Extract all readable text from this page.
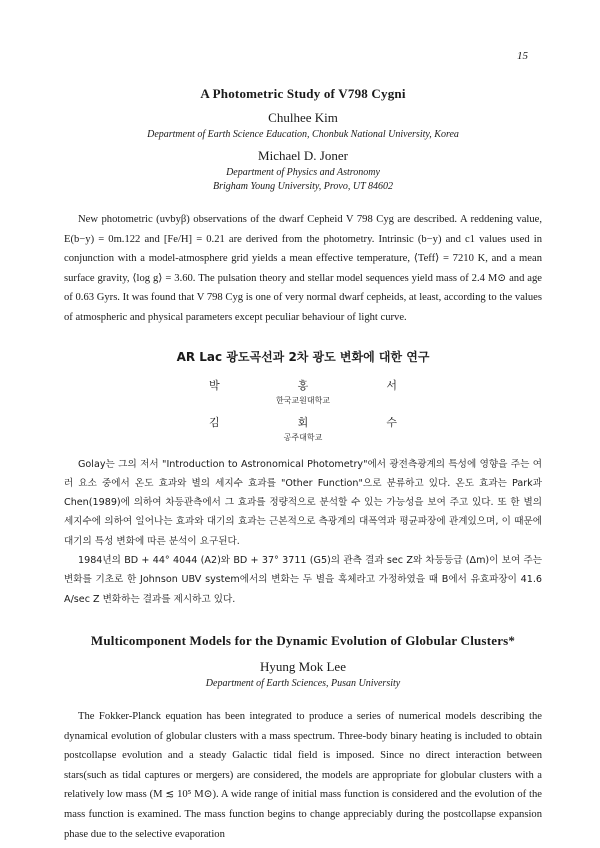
15
A Photometric Study of V798 Cygni
Chulhee Kim
Department of Earth Science Education, Chonbuk National University, Korea
Michael D. Joner
Department of Physics and Astronomy
Brigham Young University, Provo, UT 84602

New photometric (uvbyβ) observations of the dwarf Cepheid V 798 Cyg are described. A reddening value, E(b−y) = 0m.122 and [Fe/H] = 0.21 are derived from the photometry. Intrinsic (b−y) and c1 values used in conjunction with a model-atmosphere grid yields a mean effective temperature, ⟨Teff⟩ = 7210 K, and a mean surface gravity, ⟨log g⟩ = 3.60. The pulsation theory and stellar model sequences yield mass of 2.4 M⊙ and age of 0.63 Gyrs. It was found that V 798 Cyg is one of very normal dwarf cepheids, at least, according to the values of atmospheric and physical parameters except peculiar behaviour of light curve.

AR Lac 광도곡선과 2차 광도 변화에 대한 연구
박	홍	서
한국교원대학교
김	회	수
공주대학교

Golay는 그의 저서 "Introduction to Astronomical Photometry"에서 광전측광계의 특성에 영향을 주는 여러 요소 중에서 온도 효과와 별의 세지수 효과를 "Other Function"으로 분류하고 있다. 온도 효과는 Park과 Chen(1989)에 의하여 차등관측에서 그 효과를 정량적으로 분석할 수 있는 가능성을 보여 주고 있다. 또 한 별의 세지수에 의하여 일어나는 효과와 대기의 효과는 근본적으로 측광계의 대폭역과 평균파장에 관계있으며, 이 때문에 대기의 특성 변화에 따른 분석이 요구된다.

1984년의 BD + 44° 4044 (A2)와 BD + 37° 3711 (G5)의 관측 결과 sec Z와 차등등급 (Δm)이 보여 주는 변화를 기초로 한 Johnson UBV system에서의 변화는 두 별을 흑체라고 가정하였을 때 B에서 유효파장이 41.6 A/sec Z 변화하는 결과를 제시하고 있다.

Multicomponent Models for the Dynamic Evolution of Globular Clusters*
Hyung Mok Lee
Department of Earth Sciences, Pusan University

The Fokker-Planck equation has been integrated to produce a series of numerical models describing the dynamical evolution of globular clusters with a mass spectrum. Three-body binary heating is included to obtain postcollapse evolution and a steady Galactic tidal field is imposed. Since no direct interaction between stars(such as tidal captures or mergers) are considered, the models are appropriate for globular clusters with a relatively low mass (M ≲ 10⁵ M⊙). A wide range of initial mass function is considered and the evolution of the mass function is examined. The mass function begins to change appreciably during the postcollapse expansion phase due to the selective evaporation
